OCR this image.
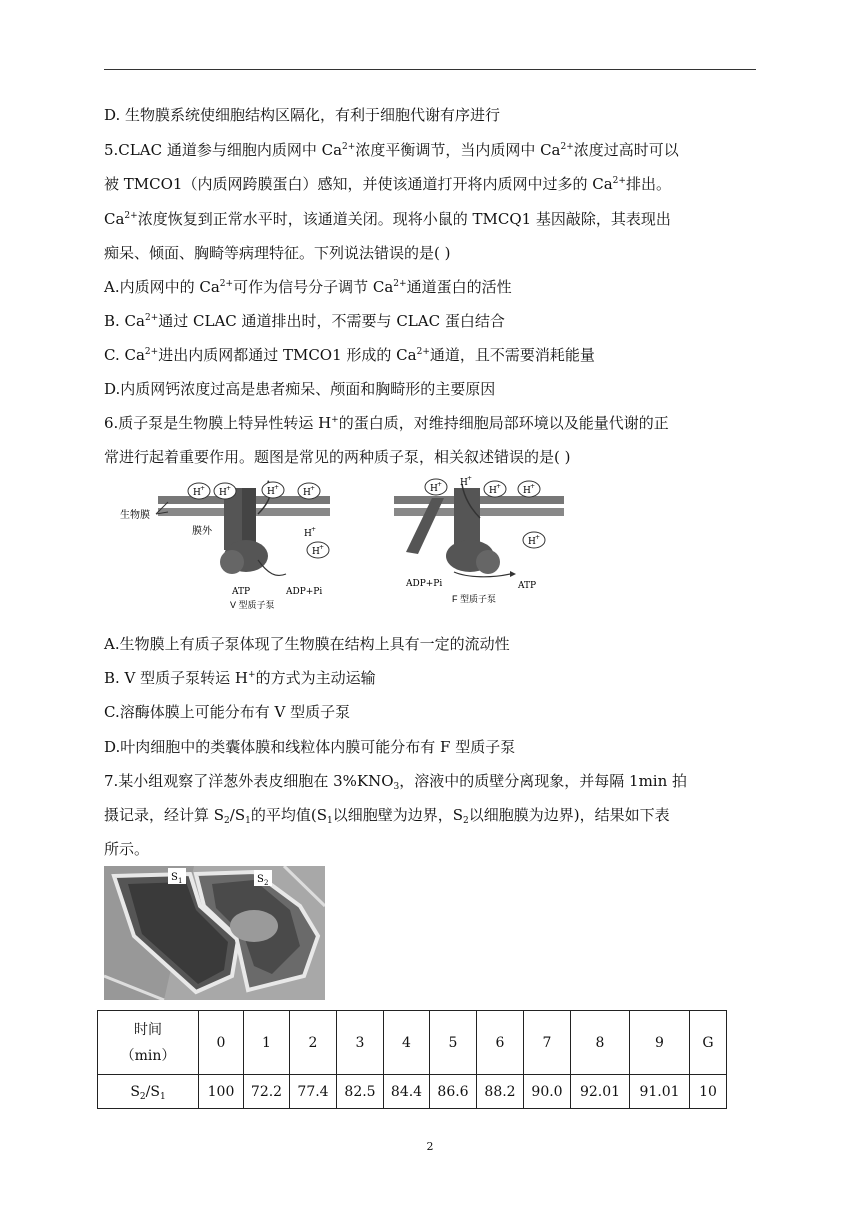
D. 生物膜系统使细胞结构区隔化，有利于细胞代谢有序进行
5.CLAC 通道参与细胞内质网中 $Ca^{2+}$浓度平衡调节，当内质网中 $Ca^{2+}$浓度过高时可以
被 TMCO1（内质网跨膜蛋白）感知，并使该通道打开将内质网中过多的 $Ca^{2+}$排出。
$Ca^{2+}$浓度恢复到正常水平时，该通道关闭。现将小鼠的 TMCQ1 基因敲除，其表现出
痴呆、倾面、胸畸等病理特征。下列说法错误的是( )
A.内质网中的 $Ca^{2+}$可作为信号分子调节 $Ca^{2+}$通道蛋白的活性
B. $Ca^{2+}$通过 CLAC 通道排出时，不需要与 CLAC 蛋白结合
C. $Ca^{2+}$进出内质网都通过 TMCO1 形成的 $Ca^{2+}$通道，且不需要消耗能量
D.内质网钙浓度过高是患者痴呆、颅面和胸畸形的主要原因
6.质子泵是生物膜上特异性转运 H+的蛋白质，对维持细胞局部环境以及能量代谢的正
常进行起着重要作用。题图是常见的两种质子泵，相关叙述错误的是( )
生物膜
膜外
H + H +	H +
H +
H +
H +
ATP	ADP+Pi
V 型质子泵
H + H +
H + H +
H +
ADP+Pi	ATP
F 型质子泵
A.生物膜上有质子泵体现了生物膜在结构上具有一定的流动性
B. V 型质子泵转运 H+的方式为主动运输
C.溶酶体膜上可能分布有 V 型质子泵
D.叶肉细胞中的类囊体膜和线粒体内膜可能分布有 F 型质子泵
7.某小组观察了洋葱外表皮细胞在 $3\%KNO_3$，溶液中的质壁分离现象，并每隔 1min 拍
摄记录，经计算 $S_2/S_1$的平均值($S_1$以细胞壁为边界，$S_2$以细胞膜为边界)，结果如下表
所示。
S 1	S 2
时间
（min）	0	1	2	3	4	5	6	7	8	9	G
$S_2/S_1$	100	72.2	77.4	82.5	84.4	86.6	88.2	90.0	92.01	91.01	10
2
